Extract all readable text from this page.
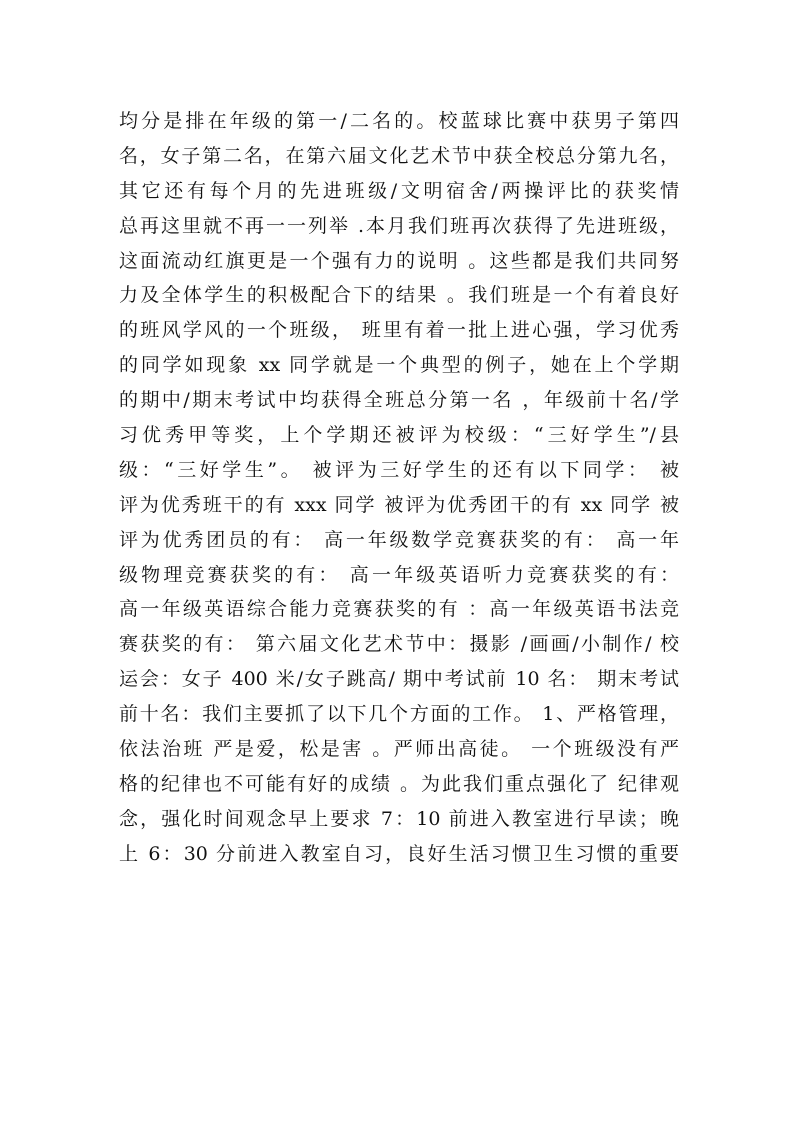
均分是排在年级的第一/二名的。校蓝球比赛中获男子第四
名，女子第二名，在第六届文化艺术节中获全校总分第九名，
其它还有每个月的先进班级/文明宿舍/两操评比的获奖情
总再这里就不再一一列举 .本月我们班再次获得了先进班级，
这面流动红旗更是一个强有力的说明 。这些都是我们共同努
力及全体学生的积极配合下的结果 。我们班是一个有着良好
的班风学风的一个班级， 班里有着一批上进心强，学习优秀
的同学如现象 xx 同学就是一个典型的例子，她在上个学期
的期中/期末考试中均获得全班总分第一名 ，年级前十名/学
习优秀甲等奖，上个学期还被评为校级：“三好学生”/县
级：“三好学生”。 被评为三好学生的还有以下同学： 被
评为优秀班干的有 xxx 同学 被评为优秀团干的有 xx 同学 被
评为优秀团员的有： 高一年级数学竞赛获奖的有： 高一年
级物理竞赛获奖的有： 高一年级英语听力竞赛获奖的有：
高一年级英语综合能力竞赛获奖的有 ：高一年级英语书法竞
赛获奖的有： 第六届文化艺术节中：摄影 /画画/小制作/ 校
运会：女子 400 米/女子跳高/ 期中考试前 10 名： 期末考试
前十名：我们主要抓了以下几个方面的工作。 1、严格管理，
依法治班 严是爱，松是害 。严师出高徒。 一个班级没有严
格的纪律也不可能有好的成绩 。为此我们重点强化了 纪律观
念，强化时间观念早上要求 7：10 前进入教室进行早读；晚
上 6：30 分前进入教室自习，良好生活习惯卫生习惯的重要
